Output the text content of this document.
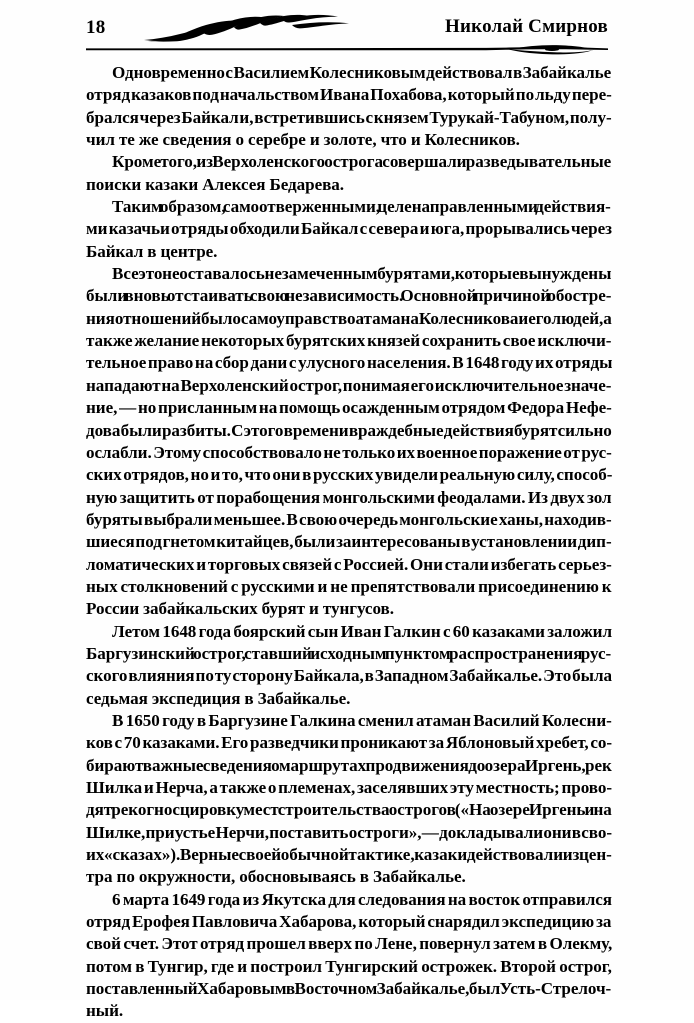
18	Николай Смирнов

Одновременно с Василием Колесниковым действовал в Забайкалье
отряд казаков под начальством Ивана Похабова, который по льду пере-
брался через Байкал и, встретившись с князем Турукай-Табуном, полу-
чил те же сведения о серебре и золоте, что и Колесников.

Кроме того, из Верхоленского острога совершали разведывательные
поиски казаки Алексея Бедарева.

Таким образом, самоотверженными, целенаправленными действия-
ми казачьи отряды обходили Байкал с севера и юга, прорывались через
Байкал в центре.

Все это не оставалось незамеченным бурятами, которые вынуждены
были вновь отстаивать свою независимость. Основной причиной обостре-
ния отношений было самоуправство атамана Колесникова и его людей, а
также желание некоторых бурятских князей сохранить свое исключи-
тельное право на сбор дани с улусного населения. В 1648 году их отряды
нападают на Верхоленский острог, понимая его исключительное значе-
ние, — но присланным на помощь осажденным отрядом Федора Нефе-
дова были разбиты. С этого времени враждебные действия бурят сильно
ослабли. Этому способствовало не только их военное поражение от рус-
ских отрядов, но и то, что они в русских увидели реальную силу, способ-
ную защитить от порабощения монгольскими феодалами. Из двух зол
буряты выбрали меньшее. В свою очередь монгольские ханы, находив-
шиеся под гнетом китайцев, были заинтересованы в установлении дип-
ломатических и торговых связей с Россией. Они стали избегать серьез-
ных столкновений с русскими и не препятствовали присоединению к
России забайкальских бурят и тунгусов.

Летом 1648 года боярский сын Иван Галкин с 60 казаками заложил
Баргузинский острог, ставший исходным пунктом распространения рус-
ского влияния по ту сторону Байкала, в Западном Забайкалье. Это была
седьмая экспедиция в Забайкалье.

В 1650 году в Баргузине Галкина сменил атаман Василий Колесни-
ков с 70 казаками. Его разведчики проникают за Яблоновый хребет, со-
бирают важные сведения о маршрутах продвижения до озера Иргень, рек
Шилка и Нерча, а также о племенах, заселявших эту местность; прово-
дят рекогносцировку мест строительства острогов («На озере Иргень и на
Шилке, при устье Нерчи, поставить остроги», — докладывали они в сво-
их «сказах»). Верные своей обычной тактике, казаки действовали из цен-
тра по окружности, обосновываясь в Забайкалье.

6 марта 1649 года из Якутска для следования на восток отправился
отряд Ерофея Павловича Хабарова, который снарядил экспедицию за
свой счет. Этот отряд прошел вверх по Лене, повернул затем в Олекму,
потом в Тунгир, где и построил Тунгирский острожек. Второй острог,
поставленный Хабаровым в Восточном Забайкалье, был Усть-Стрелоч-
ный.
